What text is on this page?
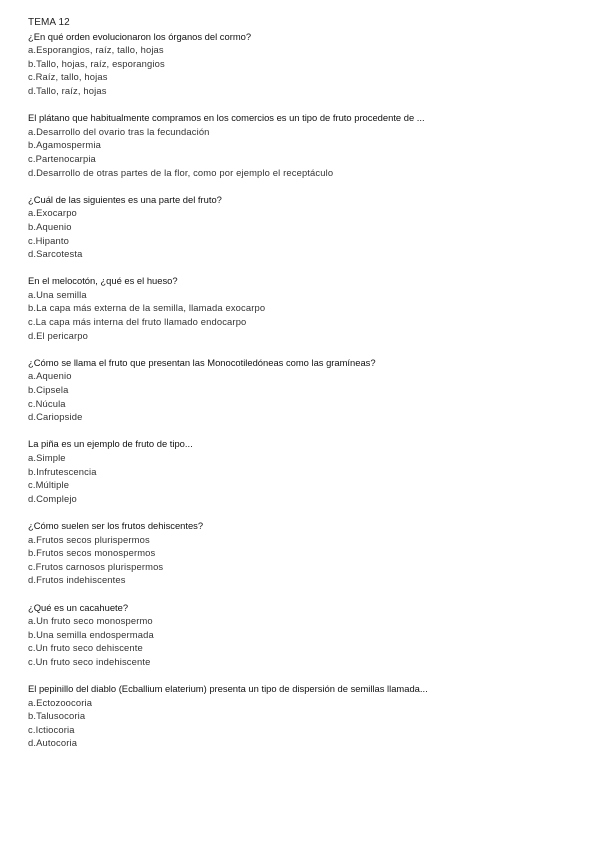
TEMA 12
¿En qué orden evolucionaron los órganos del cormo?
a.Esporangios, raíz, tallo, hojas
b.Tallo, hojas, raíz, esporangios
c.Raíz, tallo, hojas
d.Tallo, raíz, hojas
El plátano que habitualmente compramos en los comercios es un tipo de fruto procedente de ...
a.Desarrollo del ovario tras la fecundación
b.Agamospermia
c.Partenocarpia
d.Desarrollo de otras partes de la flor, como por ejemplo el receptáculo
¿Cuál de las siguientes es una parte del fruto?
a.Exocarpo
b.Aquenio
c.Hipanto
d.Sarcotesta
En el melocotón, ¿qué es el hueso?
a.Una semilla
b.La capa más externa de la semilla, llamada exocarpo
c.La capa más interna del fruto llamado endocarpo
d.El pericarpo
¿Cómo se llama el fruto que presentan las Monocotiledóneas como las gramíneas?
a.Aquenio
b.Cipsela
c.Núcula
d.Cariopside
La piña es un ejemplo de fruto de tipo...
a.Simple
b.Infrutescencia
c.Múltiple
d.Complejo
¿Cómo suelen ser los frutos dehiscentes?
a.Frutos secos plurispermos
b.Frutos secos monospermos
c.Frutos carnosos plurispermos
d.Frutos indehiscentes
¿Qué es un cacahuete?
a.Un fruto seco monospermo
b.Una semilla endospermada
c.Un fruto seco dehiscente
c.Un fruto seco indehiscente
El pepinillo del diablo (Ecballium elaterium) presenta un tipo de dispersión de semillas llamada...
a.Ectozoocoria
b.Talusocoria
c.Ictiocoria
d.Autocoria
